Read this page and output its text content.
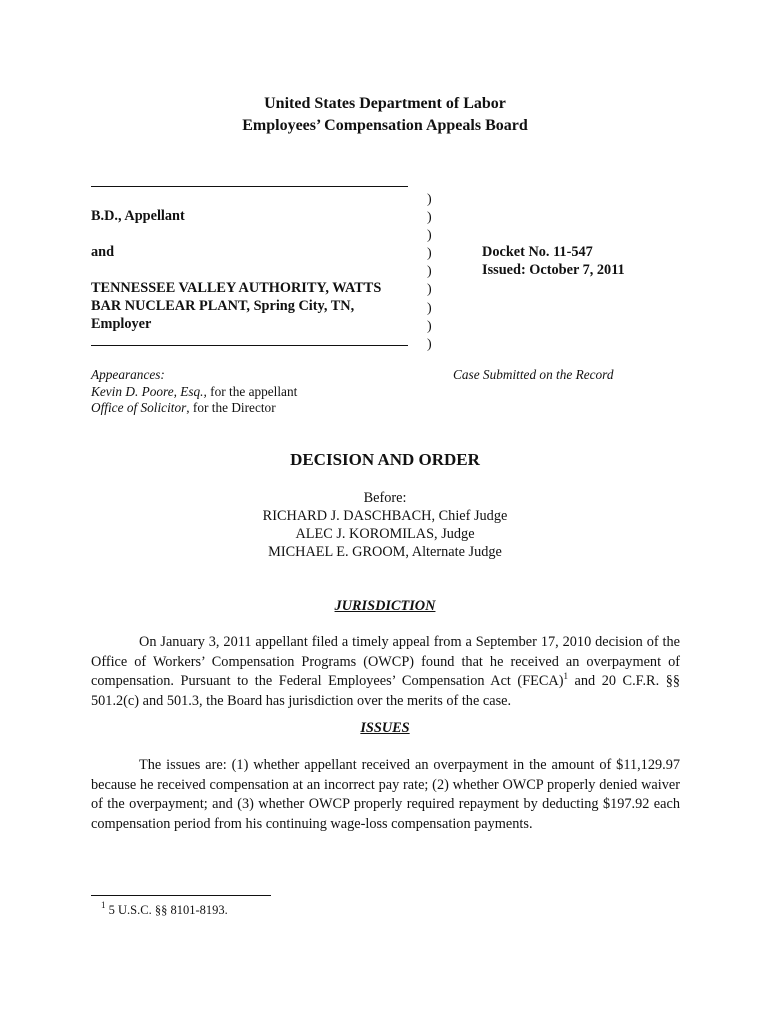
United States Department of Labor
Employees’ Compensation Appeals Board
B.D., Appellant
and
TENNESSEE VALLEY AUTHORITY, WATTS
BAR NUCLEAR PLANT, Spring City, TN,
Employer
)
)
)
)
)
)
)
)
)
Docket No. 11-547
Issued: October 7, 2011
Appearances:
Kevin D. Poore, Esq., for the appellant
Office of Solicitor, for the Director
Case Submitted on the Record
DECISION AND ORDER
Before:
RICHARD J. DASCHBACH, Chief Judge
ALEC J. KOROMILAS, Judge
MICHAEL E. GROOM, Alternate Judge
JURISDICTION

On January 3, 2011 appellant filed a timely appeal from a September 17, 2010 decision of the Office of Workers’ Compensation Programs (OWCP) found that he received an overpayment of compensation. Pursuant to the Federal Employees’ Compensation Act (FECA)$^1$ and 20 C.F.R. §§ 501.2(c) and 501.3, the Board has jurisdiction over the merits of the case.

ISSUES

The issues are: (1) whether appellant received an overpayment in the amount of $11,129.97 because he received compensation at an incorrect pay rate; (2) whether OWCP properly denied waiver of the overpayment; and (3) whether OWCP properly required repayment by deducting $197.92 each compensation period from his continuing wage-loss compensation payments.

$^1$ 5 U.S.C. §§ 8101-8193.
